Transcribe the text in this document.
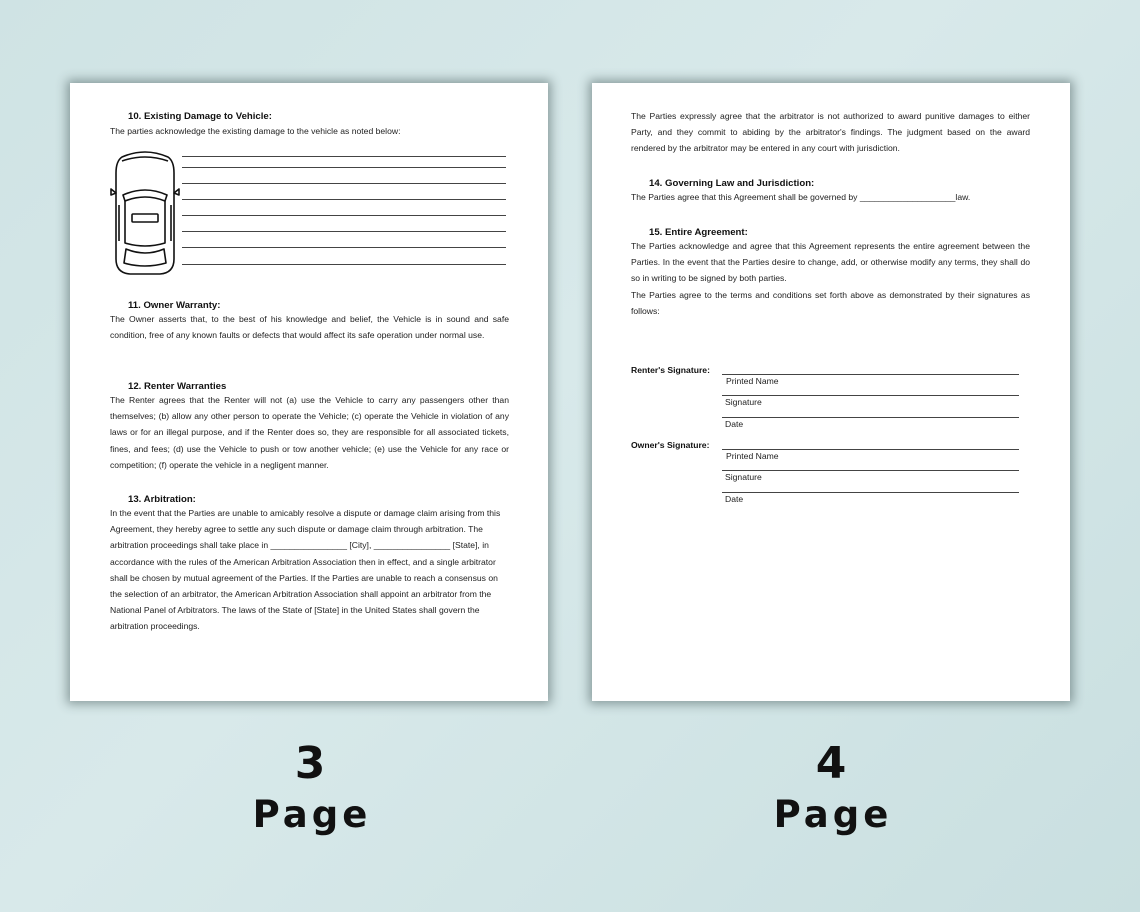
10. Existing Damage to Vehicle:

The parties acknowledge the existing damage to the vehicle as noted below:

11. Owner Warranty:

The Owner asserts that, to the best of his knowledge and belief, the Vehicle is in sound and safe condition, free of any known faults or defects that would affect its safe operation under normal use.

12. Renter Warranties

The Renter agrees that the Renter will not (a) use the Vehicle to carry any passengers other than themselves; (b) allow any other person to operate the Vehicle; (c) operate the Vehicle in violation of any laws or for an illegal purpose, and if the Renter does so, they are responsible for all associated tickets, fines, and fees; (d) use the Vehicle to push or tow another vehicle; (e) use the Vehicle for any race or competition; (f) operate the vehicle in a negligent manner.

13. Arbitration:

In the event that the Parties are unable to amicably resolve a dispute or damage claim arising from this Agreement, they hereby agree to settle any such dispute or damage claim through arbitration. The arbitration proceedings shall take place in ________________ [City], ________________ [State], in accordance with the rules of the American Arbitration Association then in effect, and a single arbitrator shall be chosen by mutual agreement of the Parties. If the Parties are unable to reach a consensus on the selection of an arbitrator, the American Arbitration Association shall appoint an arbitrator from the National Panel of Arbitrators. The laws of the State of [State] in the United States shall govern the arbitration proceedings.

The Parties expressly agree that the arbitrator is not authorized to award punitive damages to either Party, and they commit to abiding by the arbitrator's findings. The judgment based on the award rendered by the arbitrator may be entered in any court with jurisdiction.

14. Governing Law and Jurisdiction:

The Parties agree that this Agreement shall be governed by ____________________law.

15. Entire Agreement:

The Parties acknowledge and agree that this Agreement represents the entire agreement between the Parties. In the event that the Parties desire to change, add, or otherwise modify any terms, they shall do so in writing to be signed by both parties.

The Parties agree to the terms and conditions set forth above as demonstrated by their signatures as follows:

Renter's Signature:
Printed Name
Signature
Date
Owner's Signature:
Printed Name
Signature
Date
3
Page
4
Page
